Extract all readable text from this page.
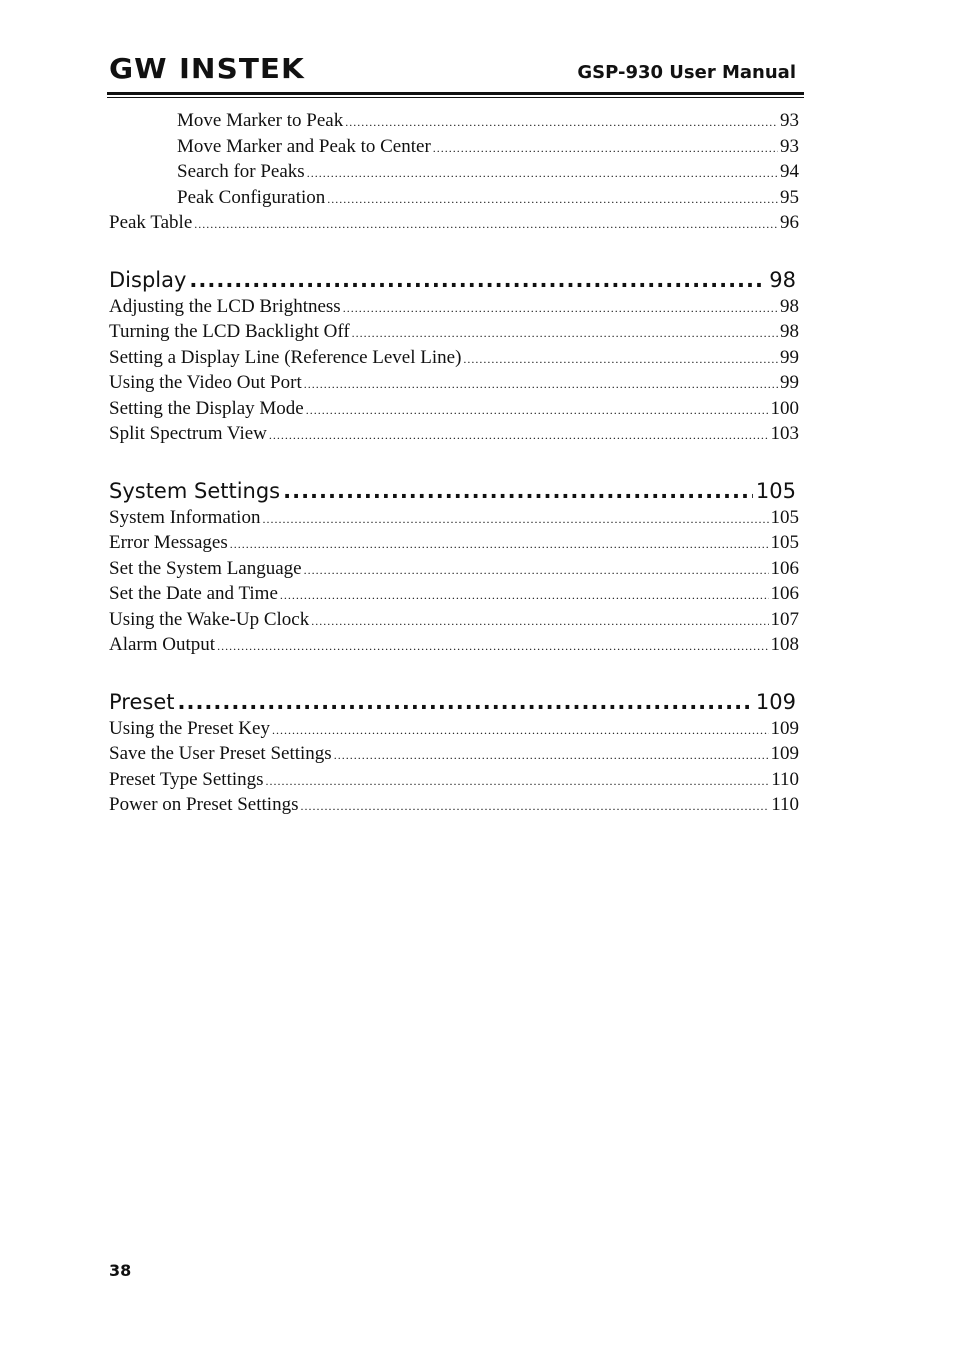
GW INSTEK	GSP-930 User Manual
Move Marker to Peak .....	93
Move Marker and Peak to Center .....	93
Search for Peaks .....	94
Peak Configuration .....	95
Peak Table .....	96
Display .....	98
Adjusting the LCD Brightness .....	98
Turning the LCD Backlight Off .....	98
Setting a Display Line (Reference Level Line) .....	99
Using the Video Out Port .....	99
Setting the Display Mode .....	100
Split Spectrum View .....	103
System Settings .....	105
System Information .....	105
Error Messages .....	105
Set the System Language .....	106
Set the Date and Time .....	106
Using the Wake-Up Clock .....	107
Alarm Output .....	108
Preset .....	109
Using the Preset Key .....	109
Save the User Preset Settings .....	109
Preset Type Settings .....	110
Power on Preset Settings .....	110
38
